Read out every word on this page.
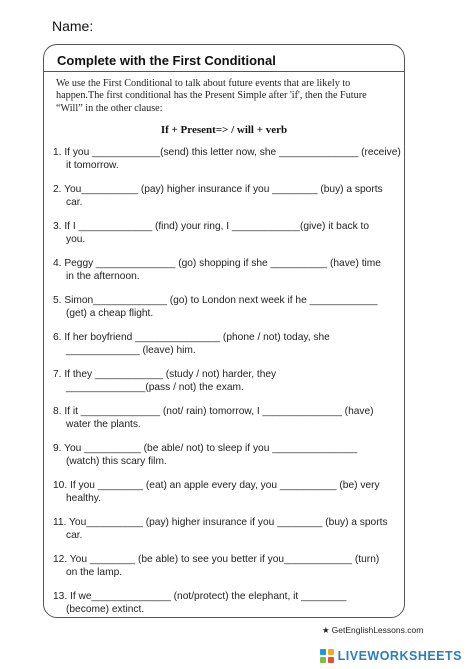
Name:
Complete with the First Conditional
We use the First Conditional to talk about future events that are likely to happen.The first conditional has the Present Simple after 'if', then the Future “Will” in the other clause:
If + Present=> / will + verb
1. If you ____________(send) this letter now, she ______________ (receive)
it tomorrow.
2. You__________ (pay) higher insurance if you ________ (buy) a sports
car.
3. If I _____________ (find) your ring, I ____________(give) it back to
you.
4. Peggy ______________ (go) shopping if she __________ (have) time
in the afternoon.
5. Simon_____________ (go) to London next week if he ____________
(get) a cheap flight.
6. If her boyfriend _______________ (phone / not) today, she
_____________ (leave) him.
7. If they ____________ (study / not) harder, they
______________(pass / not) the exam.
8. If it ______________ (not/ rain) tomorrow, I ______________ (have)
water the plants.
9. You __________ (be able/ not) to sleep if you _______________
(watch) this scary film.
10. If you ________ (eat) an apple every day, you __________ (be) very
healthy.
11. You__________ (pay) higher insurance if you ________ (buy) a sports
car.
12. You ________ (be able) to see you better if you____________ (turn)
on the lamp.
13. If we______________ (not/protect) the elephant, it ________
(become) extinct.
★ GetEnglishLessons.com
LIVEWORKSHEETS
